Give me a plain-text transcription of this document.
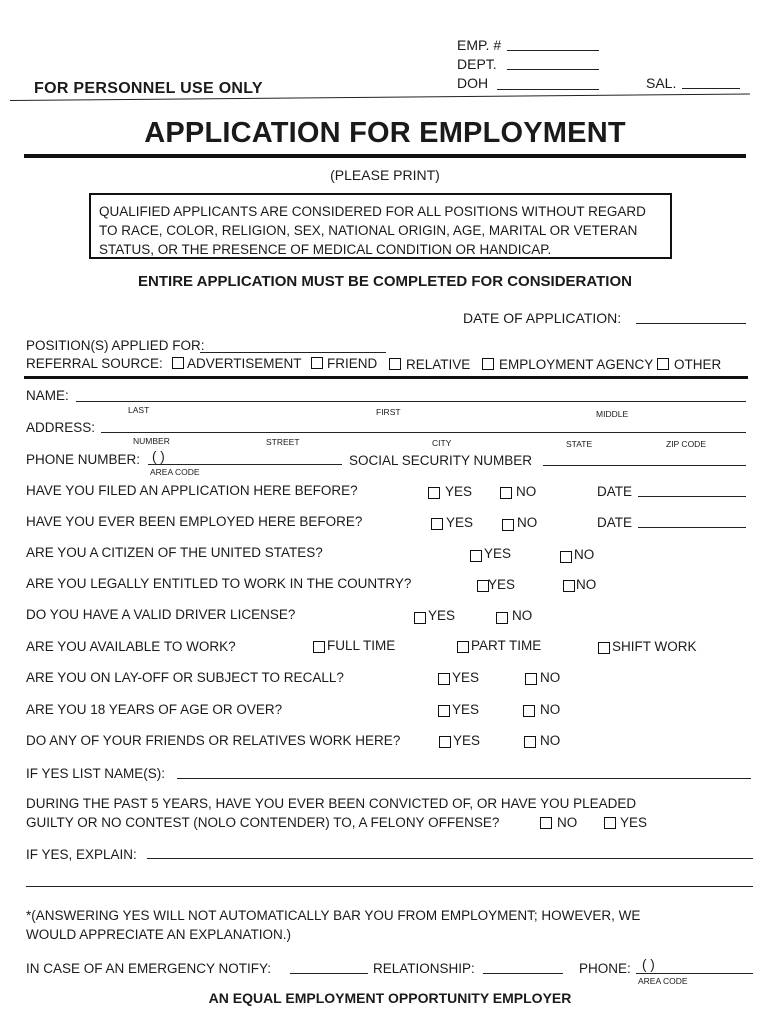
EMP. #
DEPT.
DOH	SAL.
FOR PERSONNEL USE ONLY
APPLICATION FOR EMPLOYMENT
(PLEASE PRINT)
QUALIFIED APPLICANTS ARE CONSIDERED FOR ALL POSITIONS WITHOUT REGARD
TO RACE, COLOR, RELIGION, SEX, NATIONAL ORIGIN, AGE, MARITAL OR VETERAN
STATUS, OR THE PRESENCE OF MEDICAL CONDITION OR HANDICAP.
ENTIRE APPLICATION MUST BE COMPLETED FOR CONSIDERATION
DATE OF APPLICATION:
POSITION(S) APPLIED FOR:
REFERRAL SOURCE: ADVERTISEMENT FRIEND RELATIVE EMPLOYMENT AGENCY OTHER
NAME:
LAST	FIRST	MIDDLE
ADDRESS:
NUMBER	STREET	CITY	STATE	ZIP CODE
PHONE NUMBER: ( )
AREA CODE
SOCIAL SECURITY NUMBER
HAVE YOU FILED AN APPLICATION HERE BEFORE?	YES	NO	DATE
HAVE YOU EVER BEEN EMPLOYED HERE BEFORE?	YES	NO	DATE
ARE YOU A CITIZEN OF THE UNITED STATES?	YES	NO
ARE YOU LEGALLY ENTITLED TO WORK IN THE COUNTRY?	YES	NO
DO YOU HAVE A VALID DRIVER LICENSE?	YES	NO
ARE YOU AVAILABLE TO WORK?	FULL TIME	PART TIME	SHIFT WORK
ARE YOU ON LAY-OFF OR SUBJECT TO RECALL?	YES	NO
ARE YOU 18 YEARS OF AGE OR OVER?	YES	NO
DO ANY OF YOUR FRIENDS OR RELATIVES WORK HERE?	YES	NO
IF YES LIST NAME(S):
DURING THE PAST 5 YEARS, HAVE YOU EVER BEEN CONVICTED OF, OR HAVE YOU PLEADED
GUILTY OR NO CONTEST (NOLO CONTENDER) TO, A FELONY OFFENSE?	NO	YES
IF YES, EXPLAIN:
*(ANSWERING YES WILL NOT AUTOMATICALLY BAR YOU FROM EMPLOYMENT; HOWEVER, WE
WOULD APPRECIATE AN EXPLANATION.)
IN CASE OF AN EMERGENCY NOTIFY:	RELATIONSHIP:	PHONE: ( )
AREA CODE
AN EQUAL EMPLOYMENT OPPORTUNITY EMPLOYER
